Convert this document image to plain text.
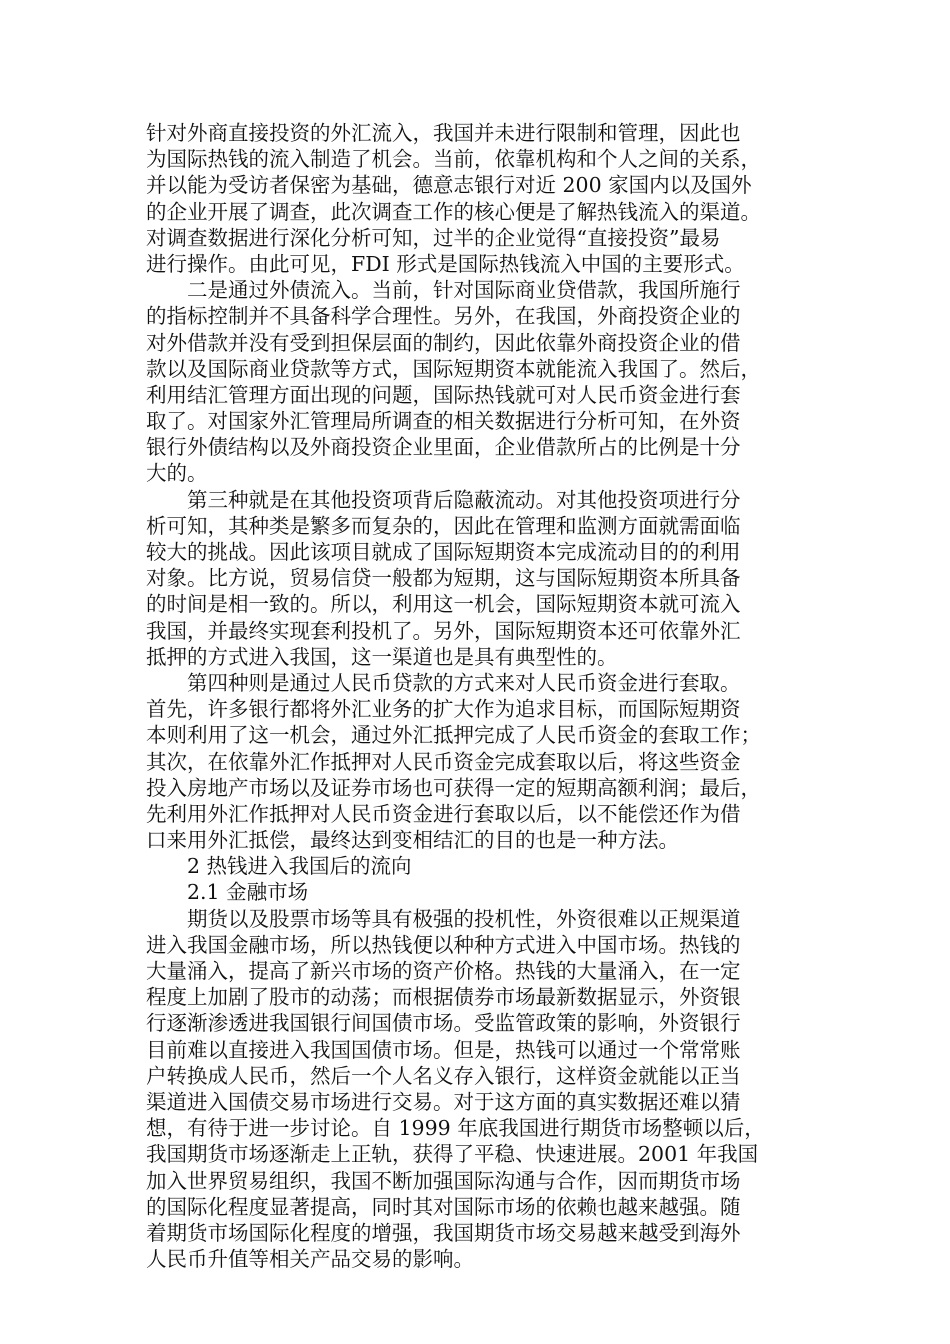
针对外商直接投资的外汇流入，我国并未进行限制和管理，因此也
为国际热钱的流入制造了机会。当前，依靠机构和个人之间的关系，
并以能为受访者保密为基础，德意志银行对近 200 家国内以及国外
的企业开展了调查，此次调查工作的核心便是了解热钱流入的渠道。
对调查数据进行深化分析可知，过半的企业觉得“直接投资”最易
进行操作。由此可见，FDI 形式是国际热钱流入中国的主要形式。
二是通过外债流入。当前，针对国际商业贷借款，我国所施行
的指标控制并不具备科学合理性。另外，在我国，外商投资企业的
对外借款并没有受到担保层面的制约，因此依靠外商投资企业的借
款以及国际商业贷款等方式，国际短期资本就能流入我国了。然后，
利用结汇管理方面出现的问题，国际热钱就可对人民币资金进行套
取了。对国家外汇管理局所调查的相关数据进行分析可知，在外资
银行外债结构以及外商投资企业里面，企业借款所占的比例是十分
大的。
第三种就是在其他投资项背后隐蔽流动。对其他投资项进行分
析可知，其种类是繁多而复杂的，因此在管理和监测方面就需面临
较大的挑战。因此该项目就成了国际短期资本完成流动目的的利用
对象。比方说，贸易信贷一般都为短期，这与国际短期资本所具备
的时间是相一致的。所以，利用这一机会，国际短期资本就可流入
我国，并最终实现套利投机了。另外，国际短期资本还可依靠外汇
抵押的方式进入我国，这一渠道也是具有典型性的。
第四种则是通过人民币贷款的方式来对人民币资金进行套取。
首先，许多银行都将外汇业务的扩大作为追求目标，而国际短期资
本则利用了这一机会，通过外汇抵押完成了人民币资金的套取工作；
其次，在依靠外汇作抵押对人民币资金完成套取以后，将这些资金
投入房地产市场以及证券市场也可获得一定的短期高额利润；最后，
先利用外汇作抵押对人民币资金进行套取以后，以不能偿还作为借
口来用外汇抵偿，最终达到变相结汇的目的也是一种方法。
2 热钱进入我国后的流向
2.1 金融市场
期货以及股票市场等具有极强的投机性，外资很难以正规渠道
进入我国金融市场，所以热钱便以种种方式进入中国市场。热钱的
大量涌入，提高了新兴市场的资产价格。热钱的大量涌入，在一定
程度上加剧了股市的动荡；而根据债券市场最新数据显示，外资银
行逐渐渗透进我国银行间国债市场。受监管政策的影响，外资银行
目前难以直接进入我国国债市场。但是，热钱可以通过一个常常账
户转换成人民币，然后一个人名义存入银行，这样资金就能以正当
渠道进入国债交易市场进行交易。对于这方面的真实数据还难以猜
想，有待于进一步讨论。自 1999 年底我国进行期货市场整顿以后，
我国期货市场逐渐走上正轨，获得了平稳、快速进展。2001 年我国
加入世界贸易组织，我国不断加强国际沟通与合作，因而期货市场
的国际化程度显著提高，同时其对国际市场的依赖也越来越强。随
着期货市场国际化程度的增强，我国期货市场交易越来越受到海外
人民币升值等相关产品交易的影响。
